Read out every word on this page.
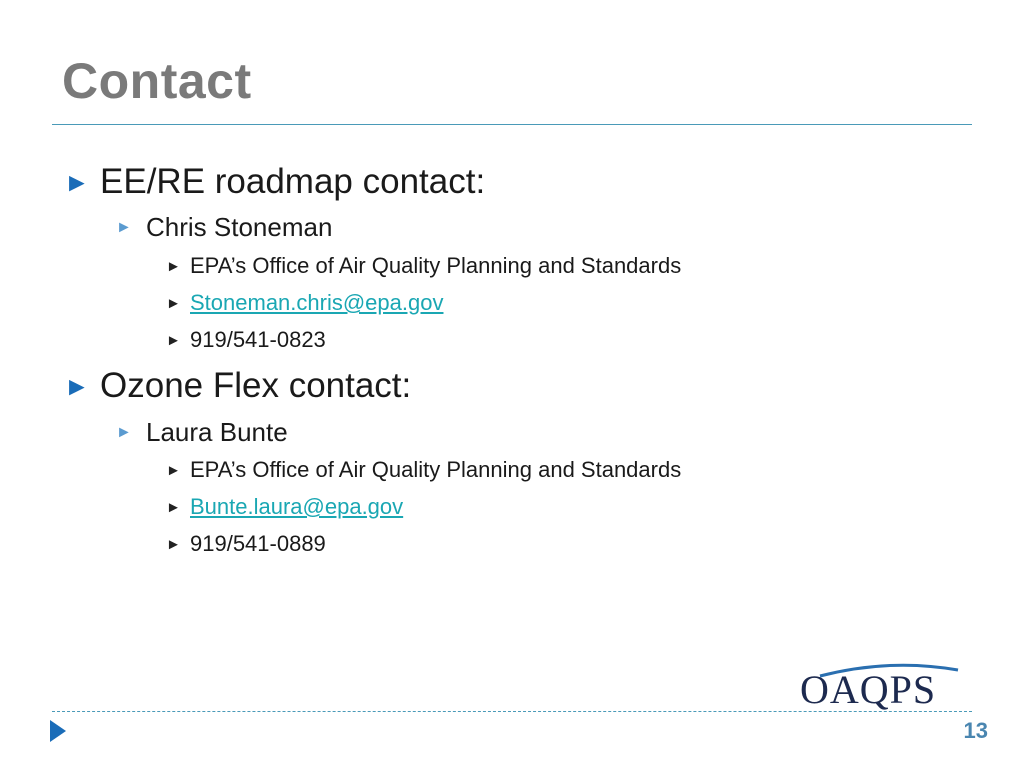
Contact
► EE/RE roadmap contact:
► Chris Stoneman
► EPA’s Office of Air Quality Planning and Standards
► Stoneman.chris@epa.gov
► 919/541-0823
► Ozone Flex contact:
► Laura Bunte
► EPA’s Office of Air Quality Planning and Standards
► Bunte.laura@epa.gov
► 919/541-0889
OAQPS
13
